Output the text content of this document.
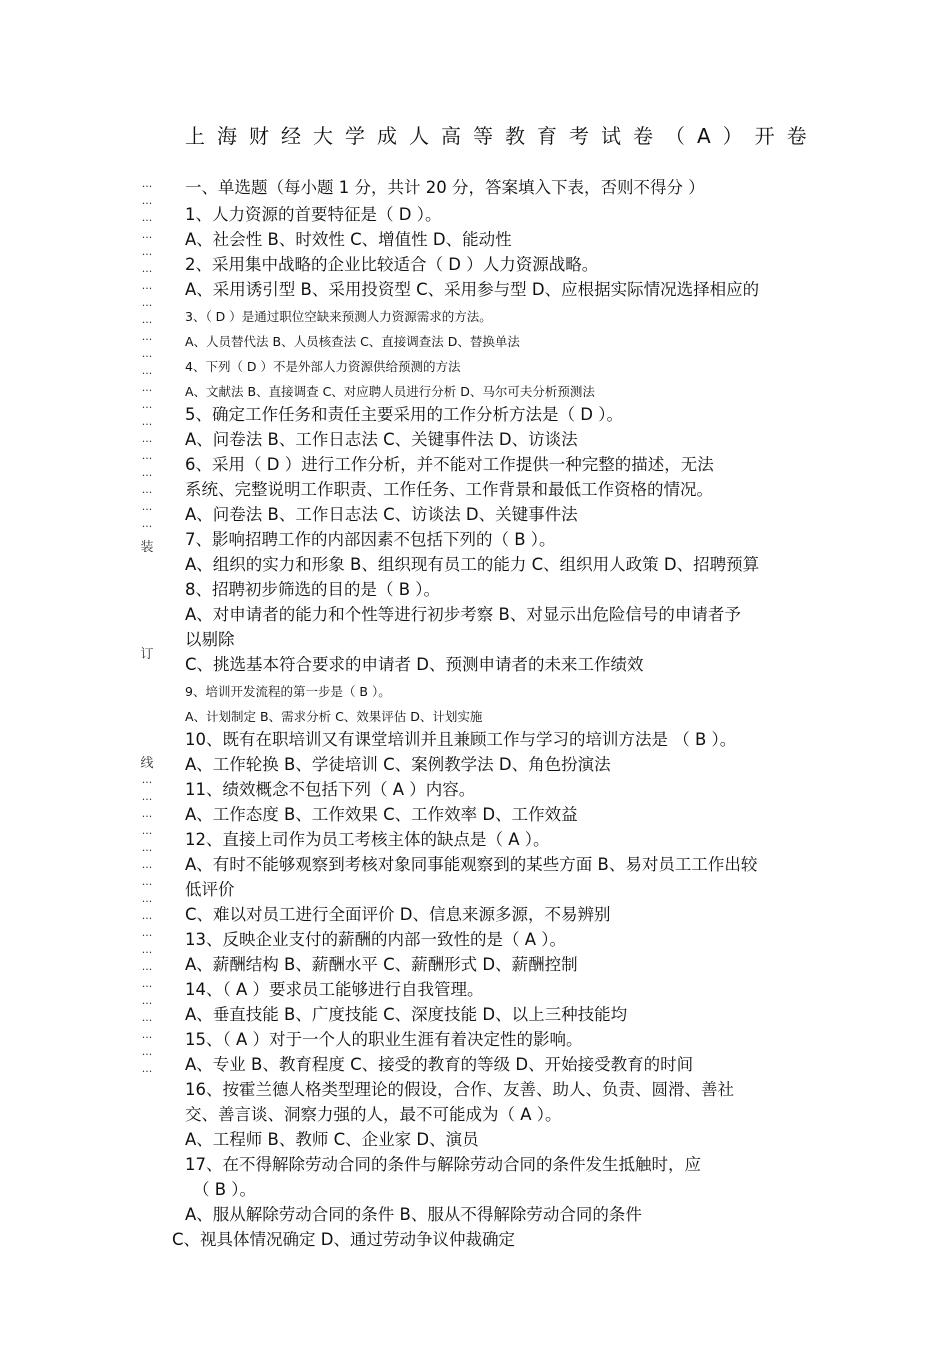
上海财经大学成人高等教育考试卷（A）开卷
···
···
···
···
···
···
···
···
···
···
···
···
···
···
···
···
···
···
···
···
···
装
订
线
···
···
···
···
···
···
···
···
···
···
···
···
···
···
···
···
···
···
一、单选题（每小题 1 分，共计 20 分，答案填入下表，否则不得分 ）
1、人力资源的首要特征是（ D ）。
A、社会性 B、时效性 C、增值性 D、能动性
2、采用集中战略的企业比较适合（ D ）人力资源战略。
A、采用诱引型 B、采用投资型 C、采用参与型 D、应根据实际情况选择相应的
3、（ D ）是通过职位空缺来预测人力资源需求的方法。
A、人员替代法 B、人员核查法 C、直接调查法 D、替换单法
4、下列（ D ）不是外部人力资源供给预测的方法
A、文献法 B、直接调查 C、对应聘人员进行分析 D、马尔可夫分析预测法
5、确定工作任务和责任主要采用的工作分析方法是（ D ）。
A、问卷法 B、工作日志法 C、关键事件法 D、访谈法
6、采用（ D ）进行工作分析，并不能对工作提供一种完整的描述，无法
系统、完整说明工作职责、工作任务、工作背景和最低工作资格的情况。
A、问卷法 B、工作日志法 C、访谈法 D、关键事件法
7、影响招聘工作的内部因素不包括下列的（ B ）。
A、组织的实力和形象 B、组织现有员工的能力 C、组织用人政策 D、招聘预算
8、招聘初步筛选的目的是（ B ）。
A、对申请者的能力和个性等进行初步考察 B、对显示出危险信号的申请者予
以剔除
C、挑选基本符合要求的申请者 D、预测申请者的未来工作绩效
9、培训开发流程的第一步是（ B ）。
A、计划制定 B、需求分析 C、效果评估 D、计划实施
10、既有在职培训又有课堂培训并且兼顾工作与学习的培训方法是 （ B ）。
A、工作轮换 B、学徒培训 C、案例教学法 D、角色扮演法
11、绩效概念不包括下列（ A ）内容。
A、工作态度 B、工作效果 C、工作效率 D、工作效益
12、直接上司作为员工考核主体的缺点是（ A ）。
A、有时不能够观察到考核对象同事能观察到的某些方面 B、易对员工工作出较
低评价
C、难以对员工进行全面评价 D、信息来源多源，不易辨别
13、反映企业支付的薪酬的内部一致性的是（ A ）。
A、薪酬结构 B、薪酬水平 C、薪酬形式 D、薪酬控制
14、（ A ）要求员工能够进行自我管理。
A、垂直技能 B、广度技能 C、深度技能 D、以上三种技能均
15、（ A ）对于一个人的职业生涯有着决定性的影响。
A、专业 B、教育程度 C、接受的教育的等级 D、开始接受教育的时间
16、按霍兰德人格类型理论的假设，合作、友善、助人、负责、圆滑、善社
交、善言谈、洞察力强的人，最不可能成为（ A ）。
A、工程师 B、教师 C、企业家 D、演员
17、在不得解除劳动合同的条件与解除劳动合同的条件发生抵触时，应
（ B ）。
A、服从解除劳动合同的条件 B、服从不得解除劳动合同的条件
C、视具体情况确定 D、通过劳动争议仲裁确定
